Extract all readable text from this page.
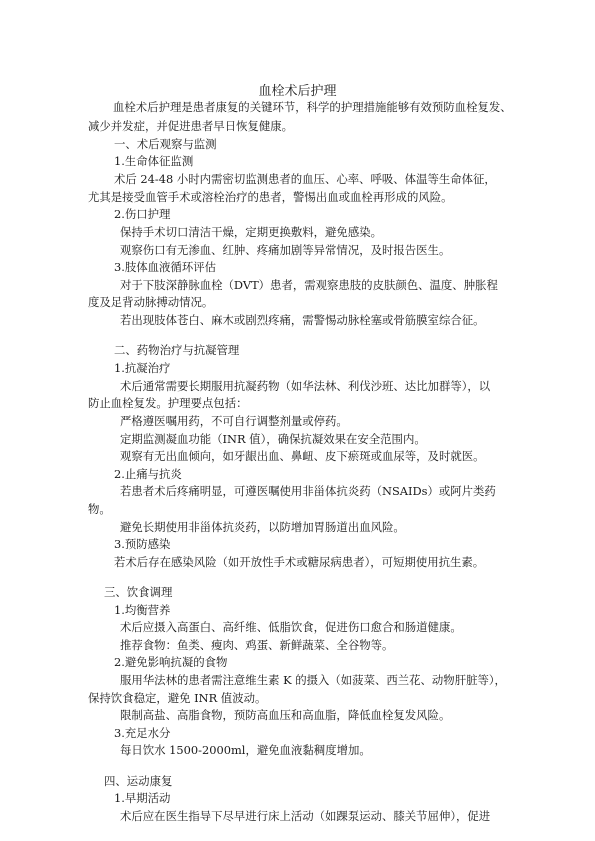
血栓术后护理
血栓术后护理是患者康复的关键环节，科学的护理措施能够有效预防血栓复发、减少并发症，并促进患者早日恢复健康。
一、术后观察与监测
1.生命体征监测
术后 24-48 小时内需密切监测患者的血压、心率、呼吸、体温等生命体征，
尤其是接受血管手术或溶栓治疗的患者，警惕出血或血栓再形成的风险。
2.伤口护理
保持手术切口清洁干燥，定期更换敷料，避免感染。
观察伤口有无渗血、红肿、疼痛加剧等异常情况，及时报告医生。
3.肢体血液循环评估
对于下肢深静脉血栓（DVT）患者，需观察患肢的皮肤颜色、温度、肿胀程
度及足背动脉搏动情况。
若出现肢体苍白、麻木或剧烈疼痛，需警惕动脉栓塞或骨筋膜室综合征。
二、药物治疗与抗凝管理
1.抗凝治疗
术后通常需要长期服用抗凝药物（如华法林、利伐沙班、达比加群等），以
防止血栓复发。护理要点包括：
严格遵医嘱用药，不可自行调整剂量或停药。
定期监测凝血功能（INR 值），确保抗凝效果在安全范围内。
观察有无出血倾向，如牙龈出血、鼻衄、皮下瘀斑或血尿等，及时就医。
2.止痛与抗炎
若患者术后疼痛明显，可遵医嘱使用非甾体抗炎药（NSAIDs）或阿片类药
物。
避免长期使用非甾体抗炎药，以防增加胃肠道出血风险。
3.预防感染
若术后存在感染风险（如开放性手术或糖尿病患者），可短期使用抗生素。
三、饮食调理
1.均衡营养
术后应摄入高蛋白、高纤维、低脂饮食，促进伤口愈合和肠道健康。
推荐食物：鱼类、瘦肉、鸡蛋、新鲜蔬菜、全谷物等。
2.避免影响抗凝的食物
服用华法林的患者需注意维生素 K 的摄入（如菠菜、西兰花、动物肝脏等），
保持饮食稳定，避免 INR 值波动。
限制高盐、高脂食物，预防高血压和高血脂，降低血栓复发风险。
3.充足水分
每日饮水 1500-2000ml，避免血液黏稠度增加。
四、运动康复
1.早期活动
术后应在医生指导下尽早进行床上活动（如踝泵运动、膝关节屈伸），促进
